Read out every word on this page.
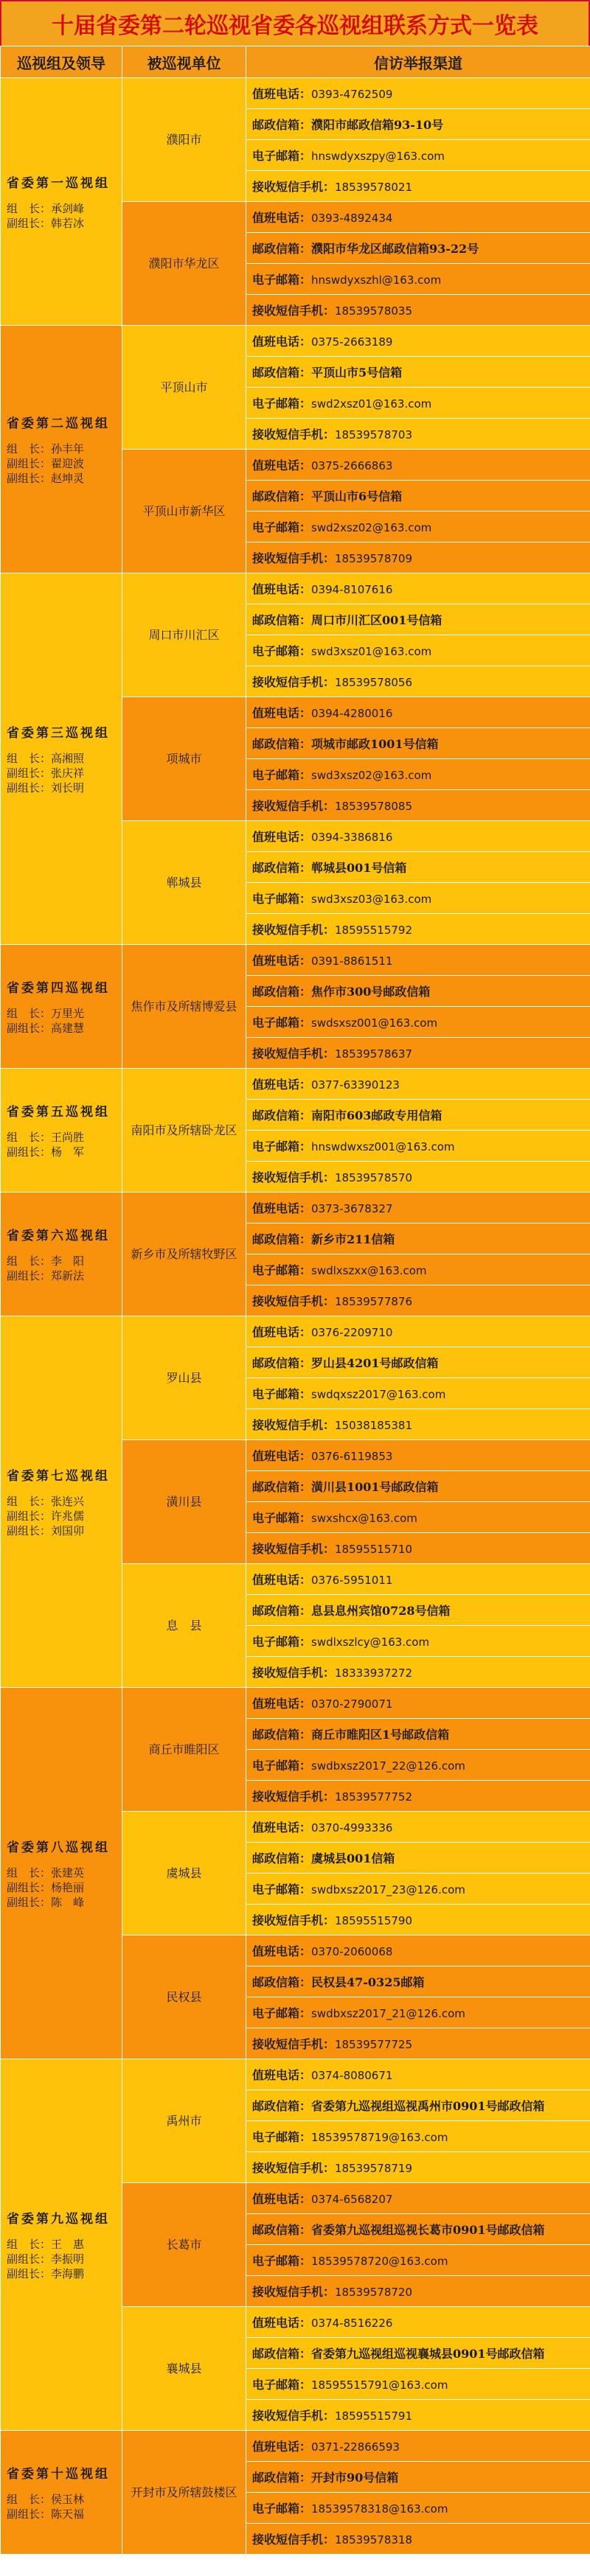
十届省委第二轮巡视省委各巡视组联系方式一览表
巡视组及领导	被巡视单位	信访举报渠道

省委第一巡视组
组　长：承剑峰
副组长：韩若冰	濮阳市	值班电话：0393-4762509
		邮政信箱：濮阳市邮政信箱93-10号
		电子邮箱：hnswdyxszpy@163.com
		接收短信手机：18539578021
	濮阳市华龙区	值班电话：0393-4892434
		邮政信箱：濮阳市华龙区邮政信箱93-22号
		电子邮箱：hnswdyxszhl@163.com
		接收短信手机：18539578035

省委第二巡视组
组　长：孙丰年
副组长：翟迎波
副组长：赵坤灵	平顶山市	值班电话：0375-2663189
		邮政信箱：平顶山市5号信箱
		电子邮箱：swd2xsz01@163.com
		接收短信手机：18539578703
	平顶山市新华区	值班电话：0375-2666863
		邮政信箱：平顶山市6号信箱
		电子邮箱：swd2xsz02@163.com
		接收短信手机：18539578709

省委第三巡视组
组　长：高湘照
副组长：张庆祥
副组长：刘长明	周口市川汇区	值班电话：0394-8107616
		邮政信箱：周口市川汇区001号信箱
		电子邮箱：swd3xsz01@163.com
		接收短信手机：18539578056
	项城市	值班电话：0394-4280016
		邮政信箱：项城市邮政1001号信箱
		电子邮箱：swd3xsz02@163.com
		接收短信手机：18539578085
	郸城县	值班电话：0394-3386816
		邮政信箱：郸城县001号信箱
		电子邮箱：swd3xsz03@163.com
		接收短信手机：18595515792

省委第四巡视组
组　长：万里光
副组长：高建慧	焦作市及所辖博爱县	值班电话：0391-8861511
		邮政信箱：焦作市300号邮政信箱
		电子邮箱：swdsxsz001@163.com
		接收短信手机：18539578637

省委第五巡视组
组　长：王尚胜
副组长：杨　军	南阳市及所辖卧龙区	值班电话：0377-63390123
		邮政信箱：南阳市603邮政专用信箱
		电子邮箱：hnswdwxsz001@163.com
		接收短信手机：18539578570

省委第六巡视组
组　长：李　阳
副组长：郑新法	新乡市及所辖牧野区	值班电话：0373-3678327
		邮政信箱：新乡市211信箱
		电子邮箱：swdlxszxx@163.com
		接收短信手机：18539577876

省委第七巡视组
组　长：张连兴
副组长：许兆儒
副组长：刘国卯	罗山县	值班电话：0376-2209710
		邮政信箱：罗山县4201号邮政信箱
		电子邮箱：swdqxsz2017@163.com
		接收短信手机：15038185381
	潢川县	值班电话：0376-6119853
		邮政信箱：潢川县1001号邮政信箱
		电子邮箱：swxshcx@163.com
		接收短信手机：18595515710
	息　县	值班电话：0376-5951011
		邮政信箱：息县息州宾馆0728号信箱
		电子邮箱：swdlxszlcy@163.com
		接收短信手机：18333937272

省委第八巡视组
组　长：张建英
副组长：杨艳丽
副组长：陈　峰	商丘市睢阳区	值班电话：0370-2790071
		邮政信箱：商丘市睢阳区1号邮政信箱
		电子邮箱：swdbxsz2017_22@126.com
		接收短信手机：18539577752
	虞城县	值班电话：0370-4993336
		邮政信箱：虞城县001信箱
		电子邮箱：swdbxsz2017_23@126.com
		接收短信手机：18595515790
	民权县	值班电话：0370-2060068
		邮政信箱：民权县47-0325邮箱
		电子邮箱：swdbxsz2017_21@126.com
		接收短信手机：18539577725

省委第九巡视组
组　长：王　惠
副组长：李振明
副组长：李海鹏	禹州市	值班电话：0374-8080671
		邮政信箱：省委第九巡视组巡视禹州市0901号邮政信箱
		电子邮箱：18539578719@163.com
		接收短信手机：18539578719
	长葛市	值班电话：0374-6568207
		邮政信箱：省委第九巡视组巡视长葛市0901号邮政信箱
		电子邮箱：18539578720@163.com
		接收短信手机：18539578720
	襄城县	值班电话：0374-8516226
		邮政信箱：省委第九巡视组巡视襄城县0901号邮政信箱
		电子邮箱：18595515791@163.com
		接收短信手机：18595515791

省委第十巡视组
组　长：侯玉林
副组长：陈天福	开封市及所辖鼓楼区	值班电话：0371-22866593
		邮政信箱：开封市90号信箱
		电子邮箱：18539578318@163.com
		接收短信手机：18539578318
